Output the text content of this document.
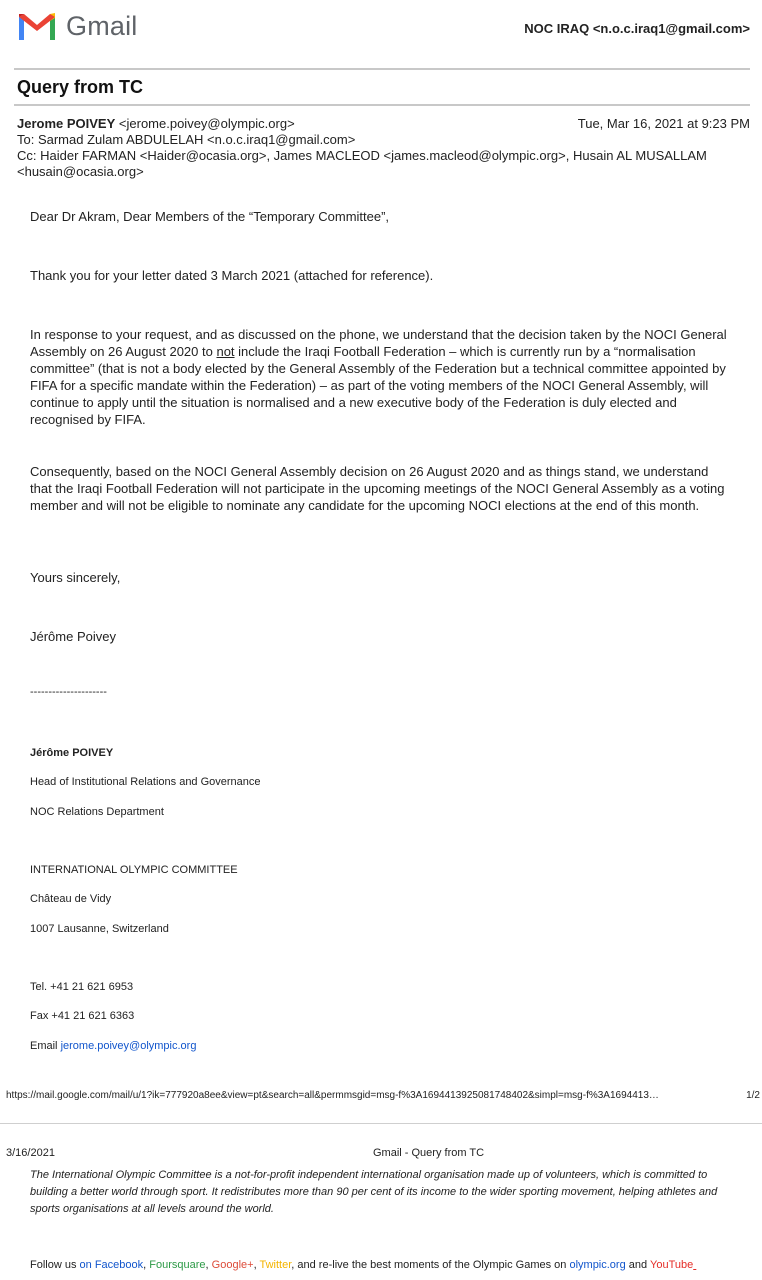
Gmail	NOC IRAQ <n.o.c.iraq1@gmail.com>
Query from TC
Jerome POIVEY <jerome.poivey@olympic.org>	Tue, Mar 16, 2021 at 9:23 PM
To: Sarmad Zulam ABDULELAH <n.o.c.iraq1@gmail.com>
Cc: Haider FARMAN <Haider@ocasia.org>, James MACLEOD <james.macleod@olympic.org>, Husain AL MUSALLAM
<husain@ocasia.org>
Dear Dr Akram, Dear Members of the “Temporary Committee”,
Thank you for your letter dated 3 March 2021 (attached for reference).
In response to your request, and as discussed on the phone, we understand that the decision taken by the NOCI General Assembly on 26 August 2020 to not include the Iraqi Football Federation – which is currently run by a “normalisation committee” (that is not a body elected by the General Assembly of the Federation but a technical committee appointed by FIFA for a specific mandate within the Federation) – as part of the voting members of the NOCI General Assembly, will continue to apply until the situation is normalised and a new executive body of the Federation is duly elected and recognised by FIFA.
Consequently, based on the NOCI General Assembly decision on 26 August 2020 and as things stand, we understand that the Iraqi Football Federation will not participate in the upcoming meetings of the NOCI General Assembly as a voting member and will not be eligible to nominate any candidate for the upcoming NOCI elections at the end of this month.
Yours sincerely,
Jérôme Poivey
---------------------
Jérôme POIVEY
Head of Institutional Relations and Governance
NOC Relations Department
INTERNATIONAL OLYMPIC COMMITTEE
Château de Vidy
1007 Lausanne, Switzerland
Tel. +41 21 621 6953
Fax +41 21 621 6363
Email jerome.poivey@olympic.org
https://mail.google.com/mail/u/1?ik=777920a8ee&view=pt&search=all&permmsgid=msg-f%3A1694413925081748402&simpl=msg-f%3A1694413…	1/2
3/16/2021	Gmail - Query from TC
The International Olympic Committee is a not-for-profit independent international organisation made up of volunteers, which is committed to building a better world through sport. It redistributes more than 90 per cent of its income to the wider sporting movement, helping athletes and sports organisations at all levels around the world.
Follow us on Facebook, Foursquare, Google+, Twitter, and re-live the best moments of the Olympic Games on olympic.org and YouTube
